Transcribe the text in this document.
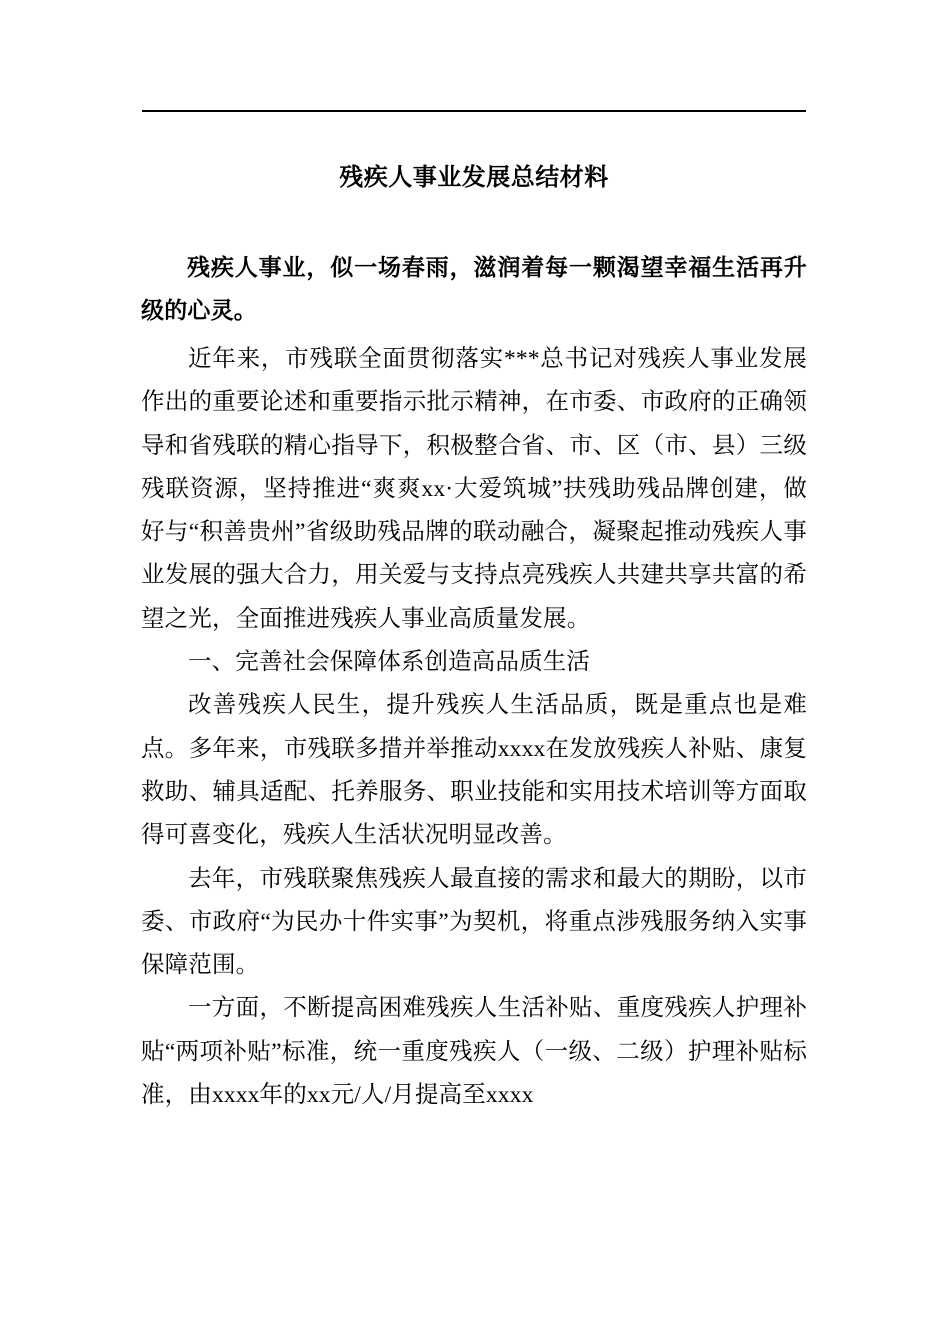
残疾人事业发展总结材料

残疾人事业，似一场春雨，滋润着每一颗渴望幸福生活再升级的心灵。

近年来，市残联全面贯彻落实***总书记对残疾人事业发展作出的重要论述和重要指示批示精神，在市委、市政府的正确领导和省残联的精心指导下，积极整合省、市、区（市、县）三级残联资源，坚持推进“爽爽xx·大爱筑城”扶残助残品牌创建，做好与“积善贵州”省级助残品牌的联动融合，凝聚起推动残疾人事业发展的强大合力，用关爱与支持点亮残疾人共建共享共富的希望之光，全面推进残疾人事业高质量发展。

一、完善社会保障体系创造高品质生活

改善残疾人民生，提升残疾人生活品质，既是重点也是难点。多年来，市残联多措并举推动xxxx在发放残疾人补贴、康复救助、辅具适配、托养服务、职业技能和实用技术培训等方面取得可喜变化，残疾人生活状况明显改善。

去年，市残联聚焦残疾人最直接的需求和最大的期盼，以市委、市政府“为民办十件实事”为契机，将重点涉残服务纳入实事保障范围。

一方面，不断提高困难残疾人生活补贴、重度残疾人护理补贴“两项补贴”标准，统一重度残疾人（一级、二级）护理补贴标准，由xxxx年的xx元/人/月提高至xxxx
